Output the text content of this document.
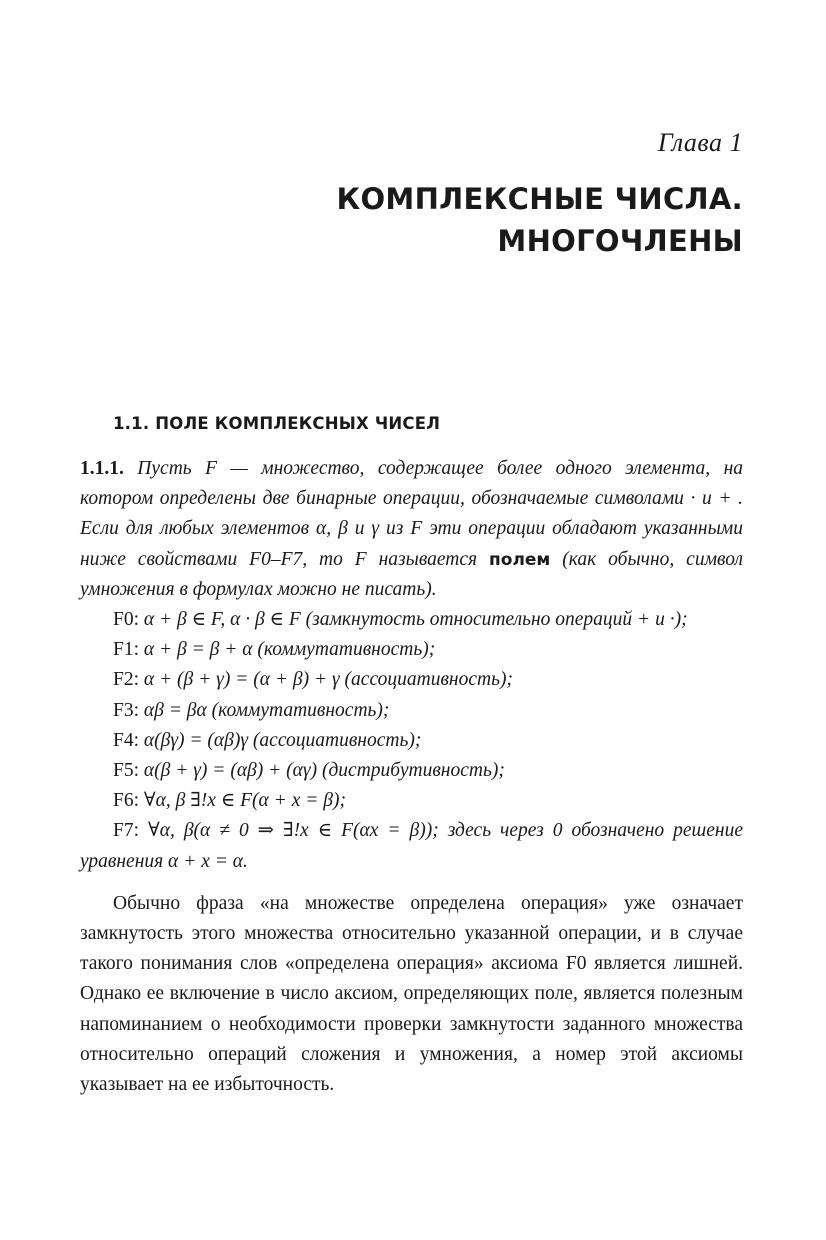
Глава 1
КОМПЛЕКСНЫЕ ЧИСЛА.
МНОГОЧЛЕНЫ
1.1. ПОЛЕ КОМПЛЕКСНЫХ ЧИСЕЛ

1.1.1. Пусть F — множество, содержащее более одного элемента, на котором определены две бинарные операции, обозначаемые символами · и + . Если для любых элементов α, β и γ из F эти операции обладают указанными ниже свойствами F0–F7, то F называется полем (как обычно, символ умножения в формулах можно не писать).

F0: α + β ∈ F, α · β ∈ F (замкнутость относительно операций + и ·);

F1: α + β = β + α (коммутативность);

F2: α + (β + γ) = (α + β) + γ (ассоциативность);

F3: αβ = βα (коммутативность);

F4: α(βγ) = (αβ)γ (ассоциативность);

F5: α(β + γ) = (αβ) + (αγ) (дистрибутивность);

F6: ∀α, β ∃!x ∈ F(α + x = β);

F7: ∀α, β(α ≠ 0 ⇒ ∃!x ∈ F(αx = β)); здесь через 0 обозначено решение уравнения α + x = α.

Обычно фраза «на множестве определена операция» уже означает замкнутость этого множества относительно указанной операции, и в случае такого понимания слов «определена операция» аксиома F0 является лишней. Однако ее включение в число аксиом, определяющих поле, является полезным напоминанием о необходимости проверки замкнутости заданного множества относительно операций сложения и умножения, а номер этой аксиомы указывает на ее избыточность.
